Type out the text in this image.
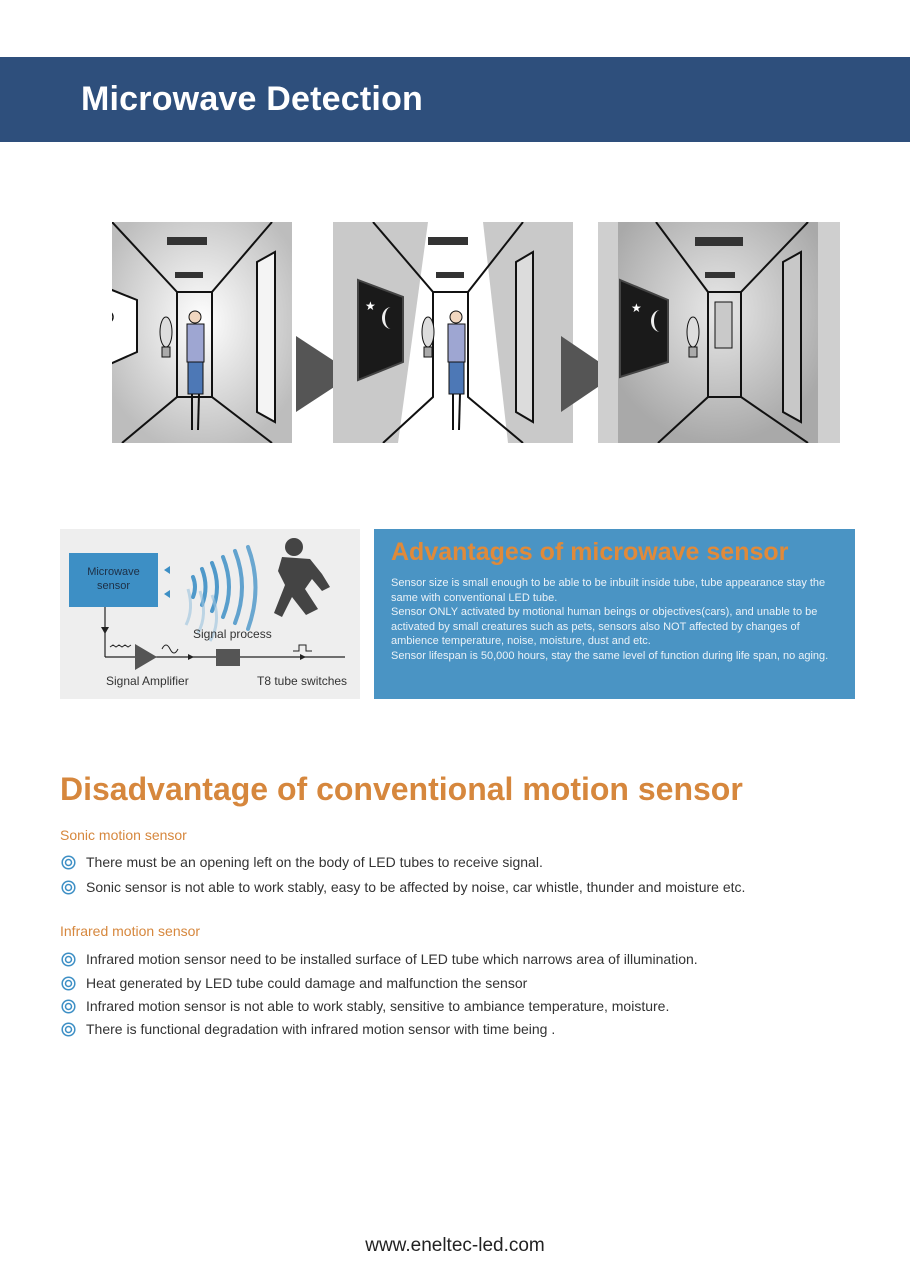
Microwave Detection
★	★
Microwave
sensor
Signal process
Signal Amplifier	T8 tube switches
Advantages of microwave sensor

Sensor size is small enough to be able to be inbuilt inside tube, tube appearance stay the same with conventional LED tube.

Sensor ONLY activated by motional human beings or objectives(cars), and unable to be activated by small creatures such as pets, sensors also NOT affected by changes of ambience temperature, noise, moisture, dust and etc.

Sensor lifespan is 50,000 hours, stay the same level of function during life span, no aging.

Disadvantage of conventional motion sensor
Sonic motion sensor
There must be an opening left on the body of LED tubes to receive signal.
Sonic sensor is not able to work stably, easy to be affected by noise, car whistle, thunder and moisture etc.
Infrared motion sensor
Infrared motion sensor need to be installed surface of LED tube which narrows area of illumination.
Heat generated by LED tube could damage and malfunction the sensor
Infrared motion sensor is not able to work stably, sensitive to ambiance temperature, moisture.
There is functional degradation with infrared motion sensor with time being .
www.eneltec-led.com
